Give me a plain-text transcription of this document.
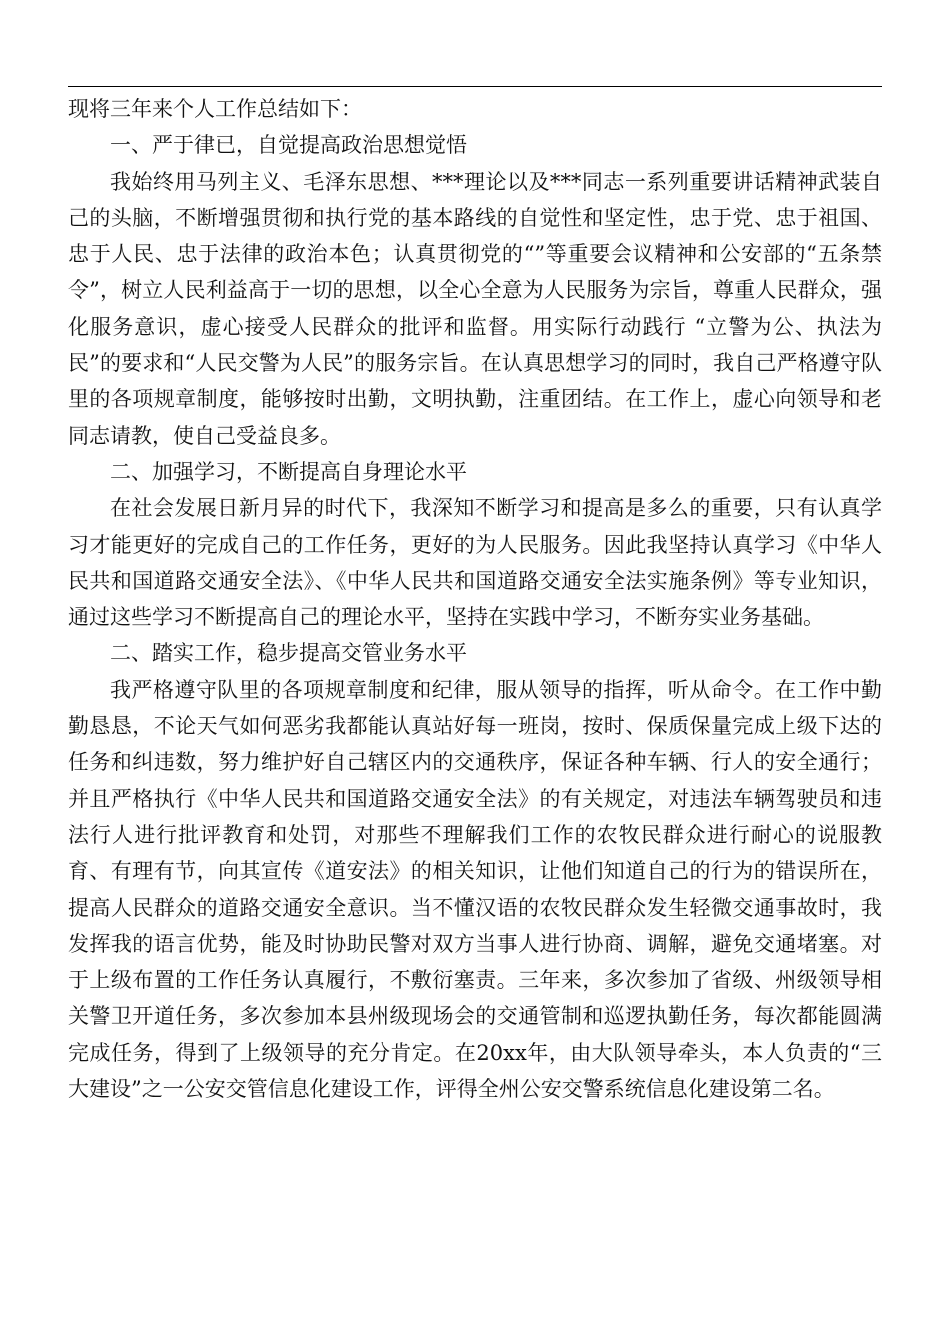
现将三年来个人工作总结如下：

一、严于律已，自觉提高政治思想觉悟

我始终用马列主义、毛泽东思想、***理论以及***同志一系列重要讲话精神武装自己的头脑，不断增强贯彻和执行党的基本路线的自觉性和坚定性，忠于党、忠于祖国、忠于人民、忠于法律的政治本色；认真贯彻党的“”等重要会议精神和公安部的“五条禁令”，树立人民利益高于一切的思想，以全心全意为人民服务为宗旨，尊重人民群众，强化服务意识，虚心接受人民群众的批评和监督。用实际行动践行 “立警为公、执法为民”的要求和“人民交警为人民”的服务宗旨。在认真思想学习的同时，我自己严格遵守队里的各项规章制度，能够按时出勤，文明执勤，注重团结。在工作上，虚心向领导和老同志请教，使自己受益良多。

二、加强学习，不断提高自身理论水平

在社会发展日新月异的时代下，我深知不断学习和提高是多么的重要，只有认真学习才能更好的完成自己的工作任务，更好的为人民服务。因此我坚持认真学习《中华人民共和国道路交通安全法》、《中华人民共和国道路交通安全法实施条例》等专业知识，通过这些学习不断提高自己的理论水平，坚持在实践中学习，不断夯实业务基础。

二、踏实工作，稳步提高交管业务水平

我严格遵守队里的各项规章制度和纪律，服从领导的指挥，听从命令。在工作中勤勤恳恳，不论天气如何恶劣我都能认真站好每一班岗，按时、保质保量完成上级下达的任务和纠违数，努力维护好自己辖区内的交通秩序，保证各种车辆、行人的安全通行；并且严格执行《中华人民共和国道路交通安全法》的有关规定，对违法车辆驾驶员和违法行人进行批评教育和处罚，对那些不理解我们工作的农牧民群众进行耐心的说服教育、有理有节，向其宣传《道安法》的相关知识，让他们知道自己的行为的错误所在，提高人民群众的道路交通安全意识。当不懂汉语的农牧民群众发生轻微交通事故时，我发挥我的语言优势，能及时协助民警对双方当事人进行协商、调解，避免交通堵塞。对于上级布置的工作任务认真履行，不敷衍塞责。三年来，多次参加了省级、州级领导相关警卫开道任务，多次参加本县州级现场会的交通管制和巡逻执勤任务，每次都能圆满完成任务，得到了上级领导的充分肯定。在20xx年，由大队领导牵头，本人负责的“三大建设”之一公安交管信息化建设工作，评得全州公安交警系统信息化建设第二名。
